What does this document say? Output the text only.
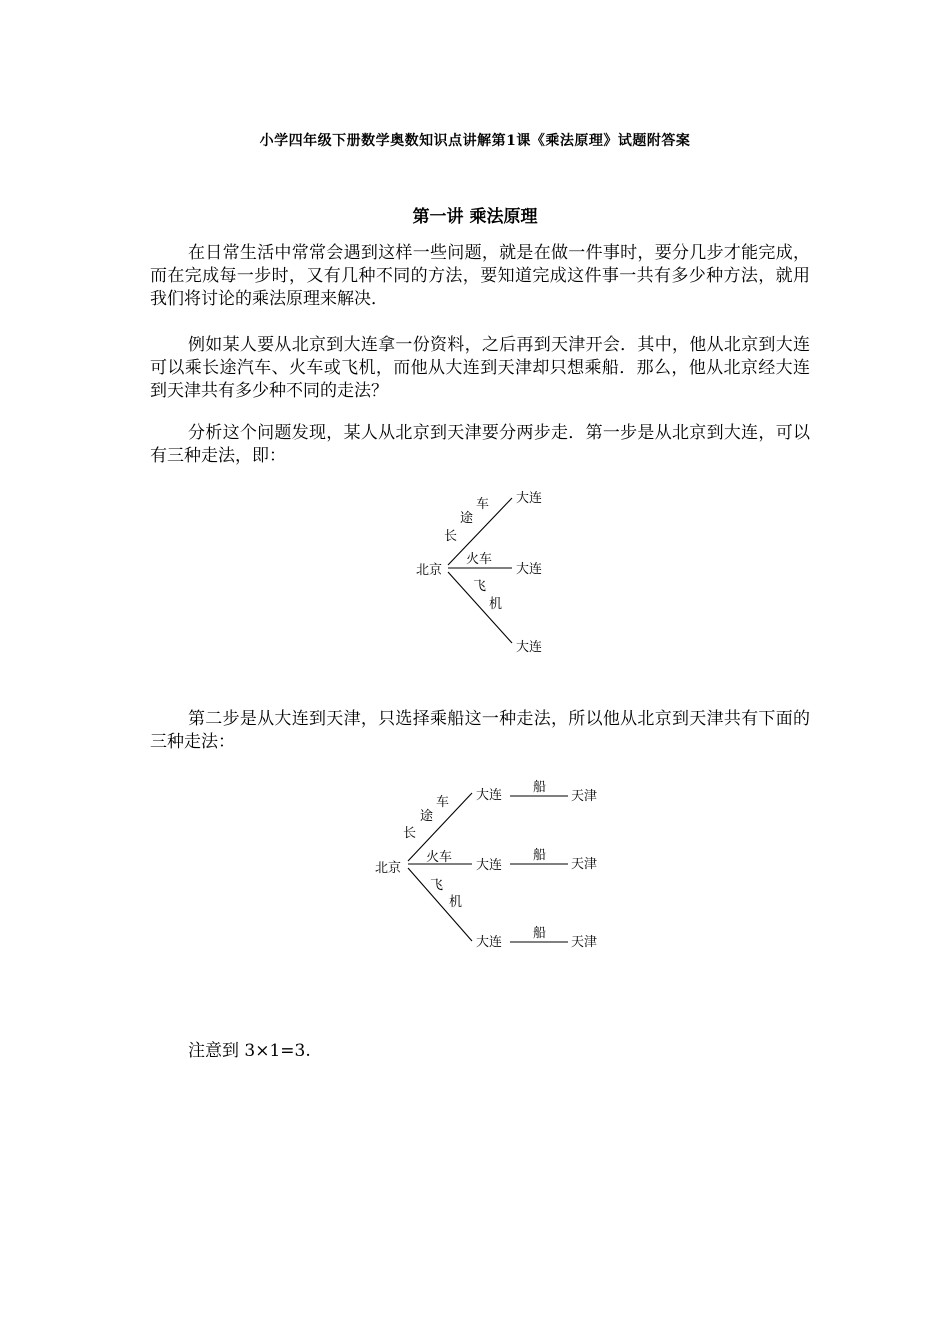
小学四年级下册数学奥数知识点讲解第1课《乘法原理》试题附答案
第一讲 乘法原理

在日常生活中常常会遇到这样一些问题，就是在做一件事时，要分几步才能完成，而在完成每一步时，又有几种不同的方法，要知道完成这件事一共有多少种方法，就用我们将讨论的乘法原理来解决．

例如某人要从北京到大连拿一份资料，之后再到天津开会．其中，他从北京到大连可以乘长途汽车、火车或飞机，而他从大连到天津却只想乘船．那么，他从北京经大连到天津共有多少种不同的走法？

分析这个问题发现，某人从北京到天津要分两步走．第一步是从北京到大连，可以有三种走法，即：

北京
长
途
车
火车
飞
机
大连
大连
大连

第二步是从大连到天津，只选择乘船这一种走法，所以他从北京到天津共有下面的三种走法：

北京
长
途
车
火车
飞
机
大连
大连
大连
船
船
船
天津
天津
天津
注意到 3×1=3.
